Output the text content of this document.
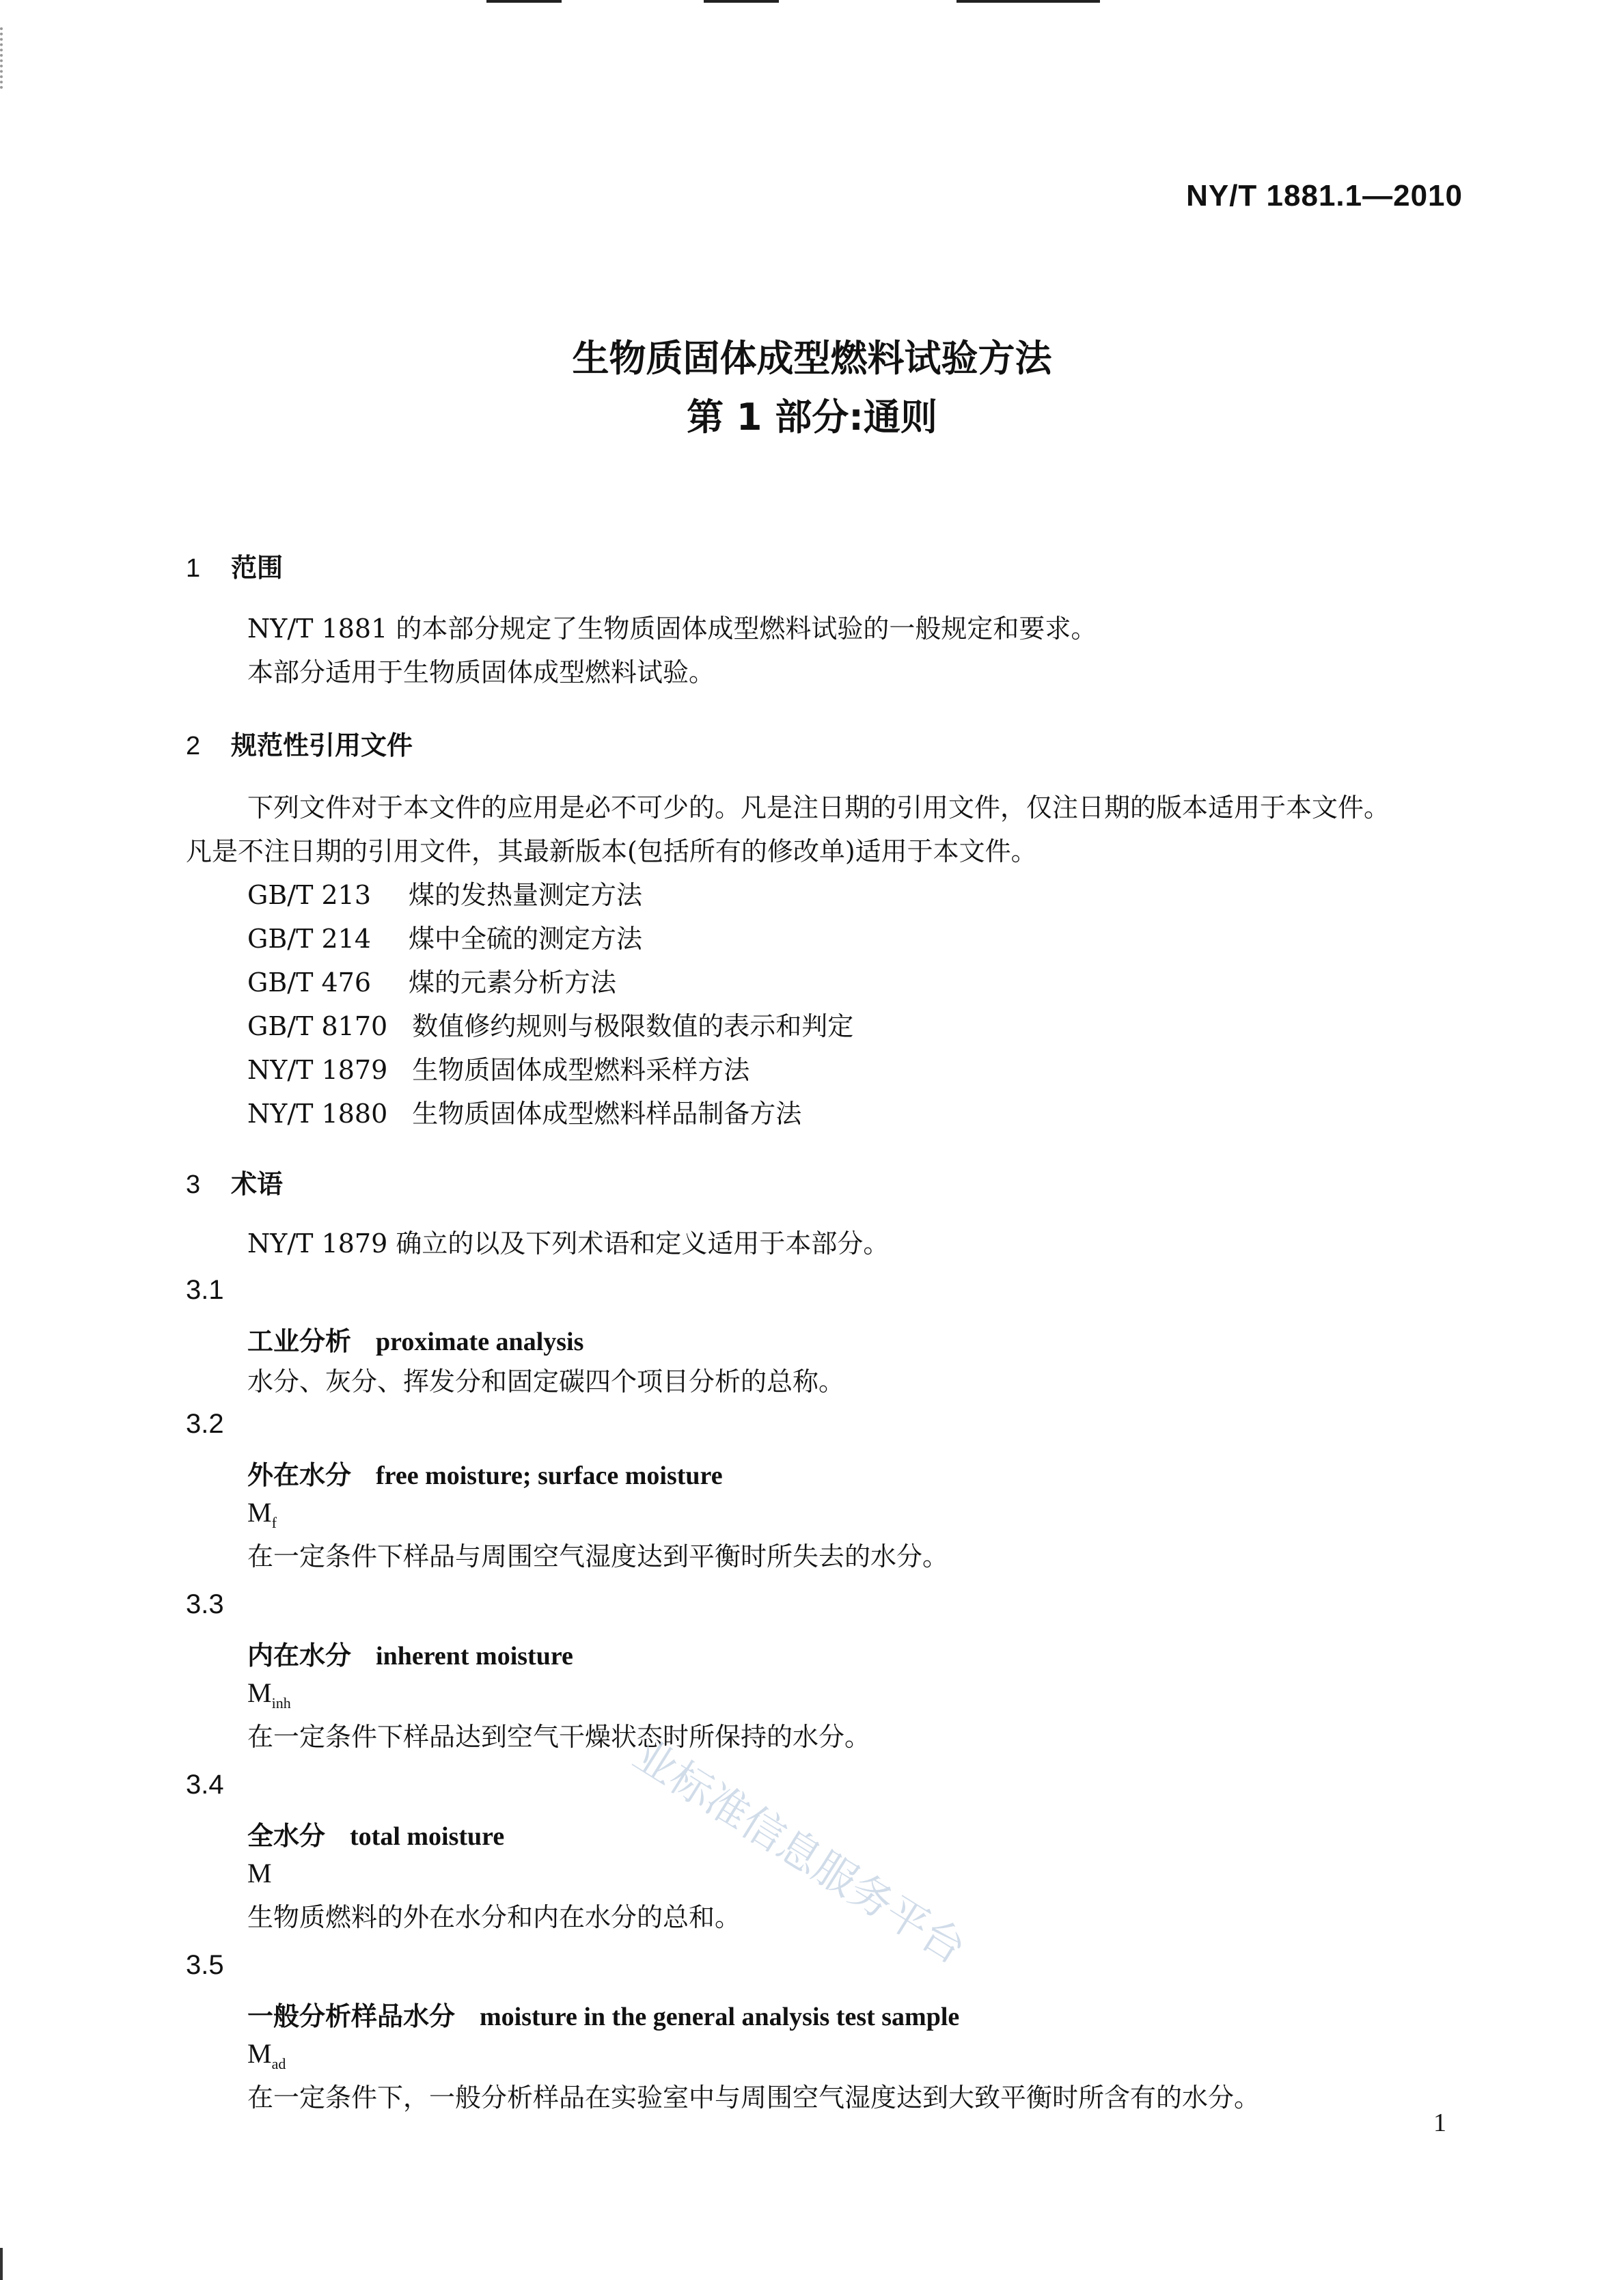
NY/T 1881.1—2010
生物质固体成型燃料试验方法
第 1 部分:通则
1 范围
NY/T 1881 的本部分规定了生物质固体成型燃料试验的一般规定和要求。
本部分适用于生物质固体成型燃料试验。
2 规范性引用文件
下列文件对于本文件的应用是必不可少的。凡是注日期的引用文件，仅注日期的版本适用于本文件。凡是不注日期的引用文件，其最新版本(包括所有的修改单)适用于本文件。
GB/T 213 煤的发热量测定方法
GB/T 214 煤中全硫的测定方法
GB/T 476 煤的元素分析方法
GB/T 8170 数值修约规则与极限数值的表示和判定
NY/T 1879 生物质固体成型燃料采样方法
NY/T 1880 生物质固体成型燃料样品制备方法
3 术语
NY/T 1879 确立的以及下列术语和定义适用于本部分。
3.1
工业分析 proximate analysis
水分、灰分、挥发分和固定碳四个项目分析的总称。
3.2
外在水分 free moisture; surface moisture
$M_f$
在一定条件下样品与周围空气湿度达到平衡时所失去的水分。
3.3
内在水分 inherent moisture
$M_{inh}$
在一定条件下样品达到空气干燥状态时所保持的水分。
3.4
全水分 total moisture
M
生物质燃料的外在水分和内在水分的总和。
3.5
一般分析样品水分 moisture in the general analysis test sample
$M_{ad}$
在一定条件下，一般分析样品在实验室中与周围空气湿度达到大致平衡时所含有的水分。
1
业标准信息服务平台
